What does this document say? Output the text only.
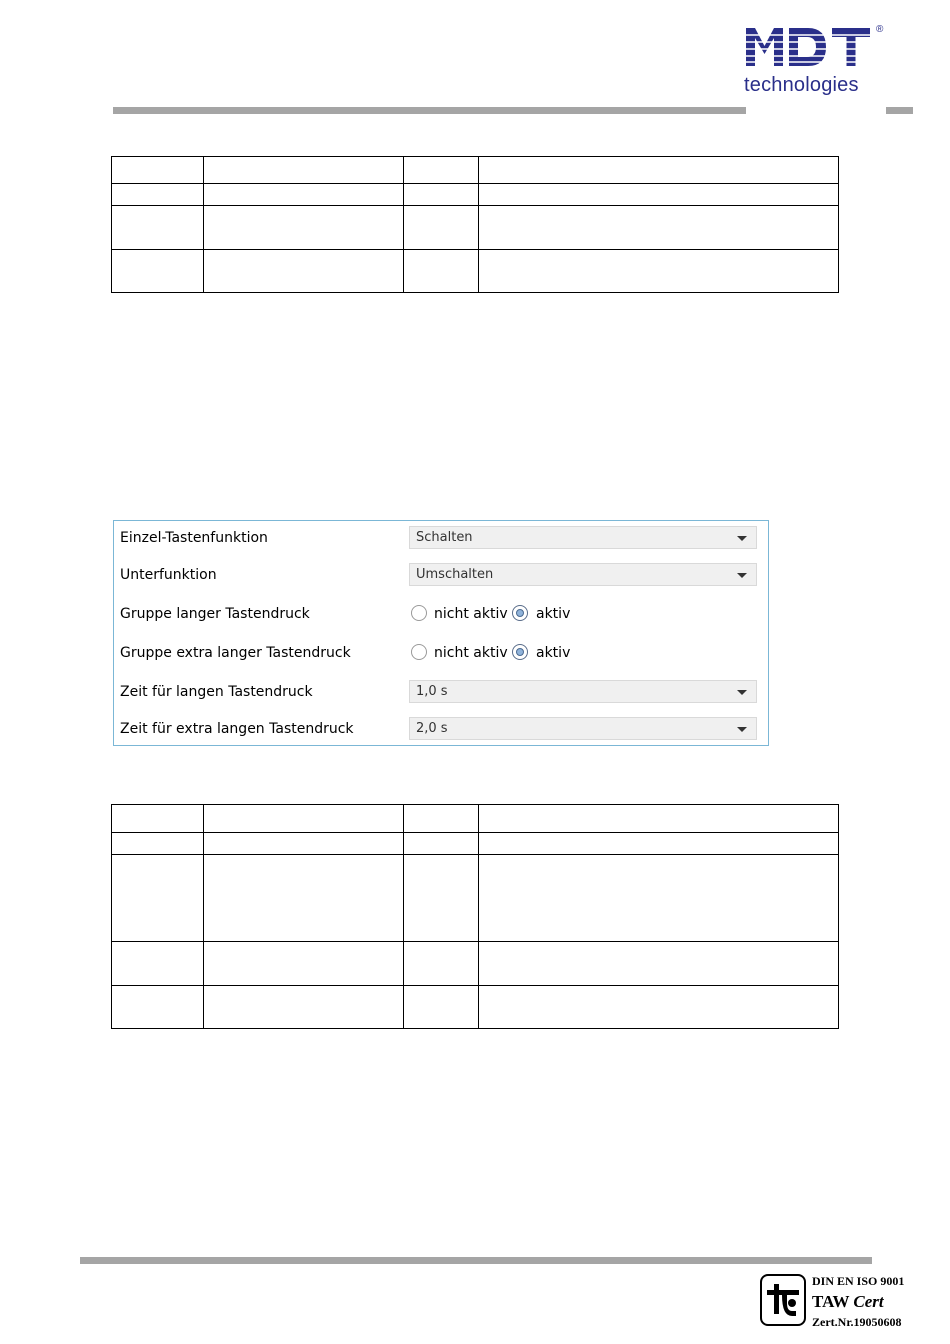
®
technologies

Einzel-Tastenfunktion	Schalten
Unterfunktion	Umschalten
Gruppe langer Tastendruck	nicht aktiv aktiv
Gruppe extra langer Tastendruck	nicht aktiv aktiv
Zeit für langen Tastendruck	1,0 s
Zeit für extra langen Tastendruck	2,0 s

DIN EN ISO 9001
TAW Cert
Zert.Nr.19050608
